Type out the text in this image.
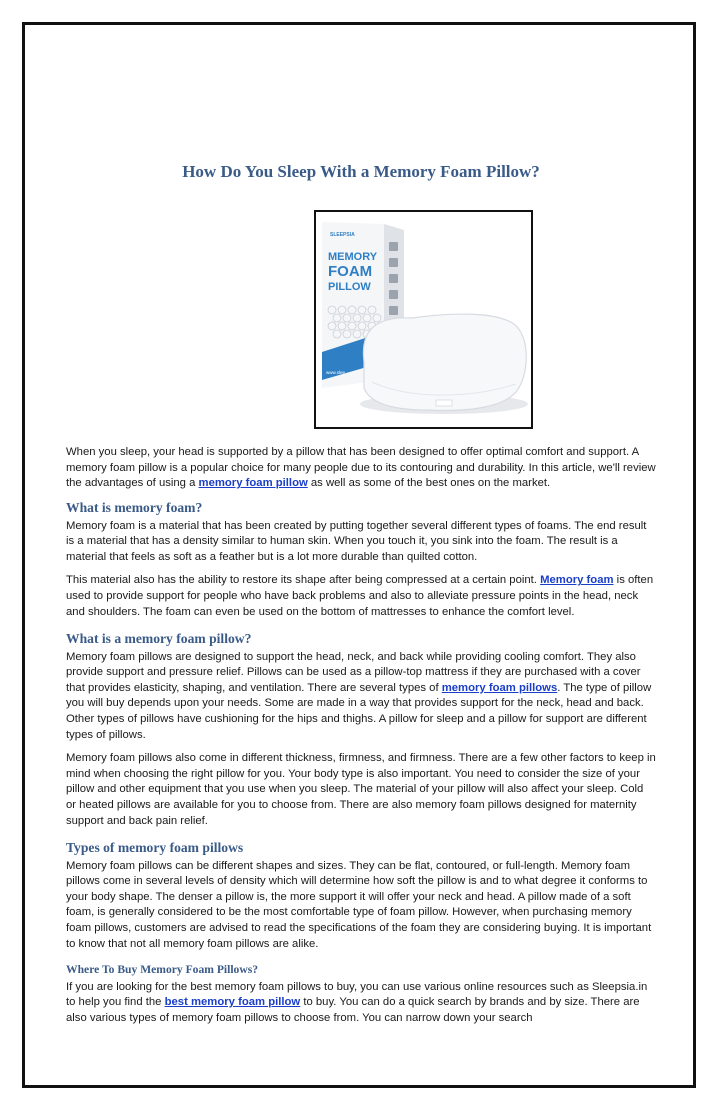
How Do You Sleep With a Memory Foam Pillow?
SLEEPSIA
MEMORY
FOAM
PILLOW
www.slee

When you sleep, your head is supported by a pillow that has been designed to offer optimal comfort and support. A memory foam pillow is a popular choice for many people due to its contouring and durability. In this article, we'll review the advantages of using a memory foam pillow as well as some of the best ones on the market.

What is memory foam?

Memory foam is a material that has been created by putting together several different types of foams. The end result is a material that has a density similar to human skin. When you touch it, you sink into the foam. The result is a material that feels as soft as a feather but is a lot more durable than quilted cotton.

This material also has the ability to restore its shape after being compressed at a certain point. Memory foam is often used to provide support for people who have back problems and also to alleviate pressure points in the head, neck and shoulders. The foam can even be used on the bottom of mattresses to enhance the comfort level.

What is a memory foam pillow?

Memory foam pillows are designed to support the head, neck, and back while providing cooling comfort. They also provide support and pressure relief. Pillows can be used as a pillow-top mattress if they are purchased with a cover that provides elasticity, shaping, and ventilation. There are several types of memory foam pillows. The type of pillow you will buy depends upon your needs. Some are made in a way that provides support for the neck, head and back. Other types of pillows have cushioning for the hips and thighs. A pillow for sleep and a pillow for support are different types of pillows.

Memory foam pillows also come in different thickness, firmness, and firmness. There are a few other factors to keep in mind when choosing the right pillow for you. Your body type is also important. You need to consider the size of your pillow and other equipment that you use when you sleep. The material of your pillow will also affect your sleep. Cold or heated pillows are available for you to choose from. There are also memory foam pillows designed for maternity support and back pain relief.

Types of memory foam pillows

Memory foam pillows can be different shapes and sizes. They can be flat, contoured, or full-length. Memory foam pillows come in several levels of density which will determine how soft the pillow is and to what degree it conforms to your body shape. The denser a pillow is, the more support it will offer your neck and head. A pillow made of a soft foam, is generally considered to be the most comfortable type of foam pillow. However, when purchasing memory foam pillows, customers are advised to read the specifications of the foam they are considering buying. It is important to know that not all memory foam pillows are alike.

Where To Buy Memory Foam Pillows?

If you are looking for the best memory foam pillows to buy, you can use various online resources such as Sleepsia.in to help you find the best memory foam pillow to buy. You can do a quick search by brands and by size. There are also various types of memory foam pillows to choose from. You can narrow down your search
